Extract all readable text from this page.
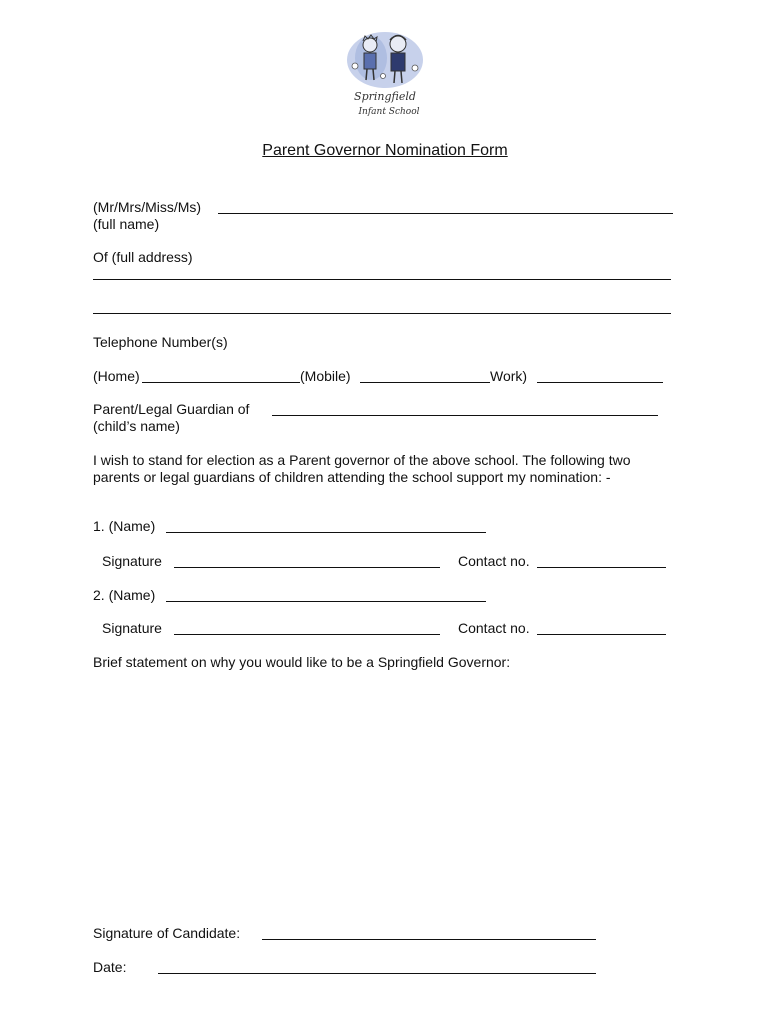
Springfield
Infant School
Parent Governor Nomination Form
(Mr/Mrs/Miss/Ms)
(full name)
Of (full address)
Telephone Number(s)
(Home)	(Mobile)	Work)
Parent/Legal Guardian of
(child’s name)
I wish to stand for election as a Parent governor of the above school. The following two parents or legal guardians of children attending the school support my nomination: -
1. (Name)
Signature	Contact no.
2. (Name)
Signature	Contact no.
Brief statement on why you would like to be a Springfield Governor:
Signature of Candidate:
Date:
